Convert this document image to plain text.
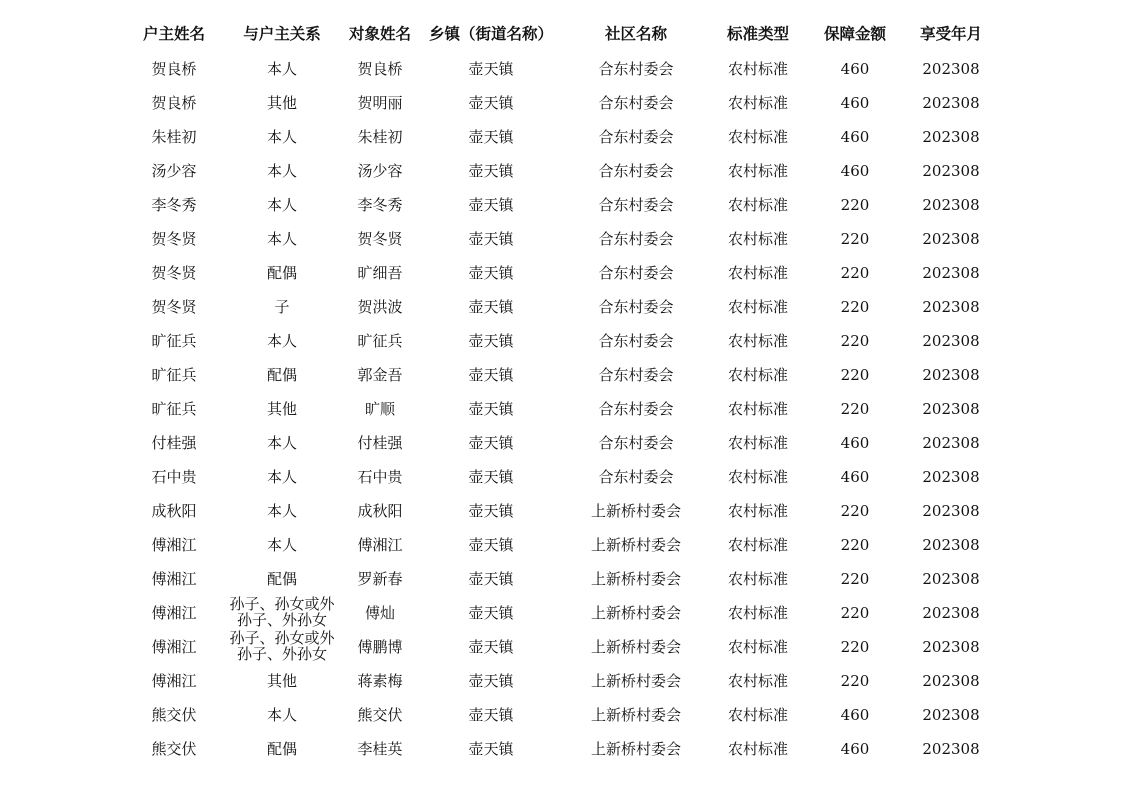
户主姓名	与户主关系	对象姓名	乡镇（街道名称）	社区名称	标准类型	保障金额	享受年月
贺良桥	本人	贺良桥	壶天镇	合东村委会	农村标准	460	202308
贺良桥	其他	贺明丽	壶天镇	合东村委会	农村标准	460	202308
朱桂初	本人	朱桂初	壶天镇	合东村委会	农村标准	460	202308
汤少容	本人	汤少容	壶天镇	合东村委会	农村标准	460	202308
李冬秀	本人	李冬秀	壶天镇	合东村委会	农村标准	220	202308
贺冬贤	本人	贺冬贤	壶天镇	合东村委会	农村标准	220	202308
贺冬贤	配偶	旷细吾	壶天镇	合东村委会	农村标准	220	202308
贺冬贤	子	贺洪波	壶天镇	合东村委会	农村标准	220	202308
旷征兵	本人	旷征兵	壶天镇	合东村委会	农村标准	220	202308
旷征兵	配偶	郭金吾	壶天镇	合东村委会	农村标准	220	202308
旷征兵	其他	旷顺	壶天镇	合东村委会	农村标准	220	202308
付桂强	本人	付桂强	壶天镇	合东村委会	农村标准	460	202308
石中贵	本人	石中贵	壶天镇	合东村委会	农村标准	460	202308
成秋阳	本人	成秋阳	壶天镇	上新桥村委会	农村标准	220	202308
傅湘江	本人	傅湘江	壶天镇	上新桥村委会	农村标准	220	202308
傅湘江	配偶	罗新春	壶天镇	上新桥村委会	农村标准	220	202308
傅湘江	孙子、孙女或外孙子、外孙女	傅灿	壶天镇	上新桥村委会	农村标准	220	202308
傅湘江	孙子、孙女或外孙子、外孙女	傅鹏博	壶天镇	上新桥村委会	农村标准	220	202308
傅湘江	其他	蒋素梅	壶天镇	上新桥村委会	农村标准	220	202308
熊交伏	本人	熊交伏	壶天镇	上新桥村委会	农村标准	460	202308
熊交伏	配偶	李桂英	壶天镇	上新桥村委会	农村标准	460	202308
